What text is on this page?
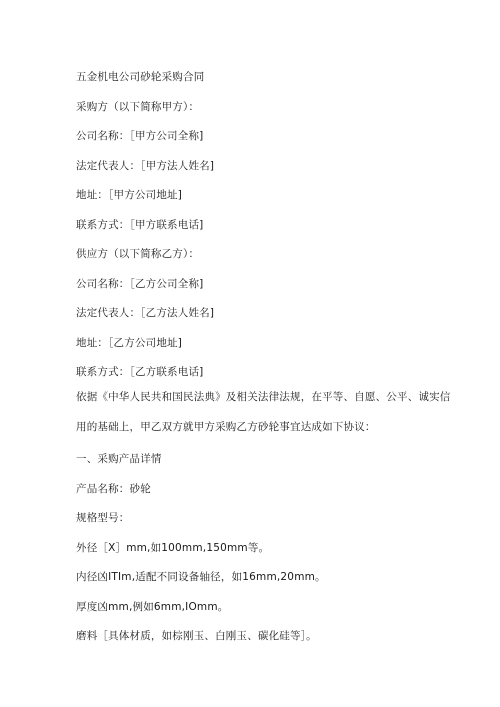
五金机电公司砂轮采购合同
采购方（以下简称甲方）：
公司名称：［甲方公司全称]
法定代表人：［甲方法人姓名]
地址：［甲方公司地址]
联系方式：［甲方联系电话]
供应方（以下简称乙方）：
公司名称：［乙方公司全称]
法定代表人：［乙方法人姓名]
地址：［乙方公司地址]
联系方式：［乙方联系电话]
依据《中华人民共和国民法典》及相关法律法规，在平等、自愿、公平、诚实信
用的基础上，甲乙双方就甲方采购乙方砂轮事宜达成如下协议：
一、采购产品详情
产品名称：砂轮
规格型号：
外径［X］mm,如100mm,150mm等。
内径凶ITIm,适配不同设备轴径，如16mm,20mm。
厚度凶mm,例如6mm,IOmm。
磨料［具体材质，如棕刚玉、白刚玉、碳化硅等］。
